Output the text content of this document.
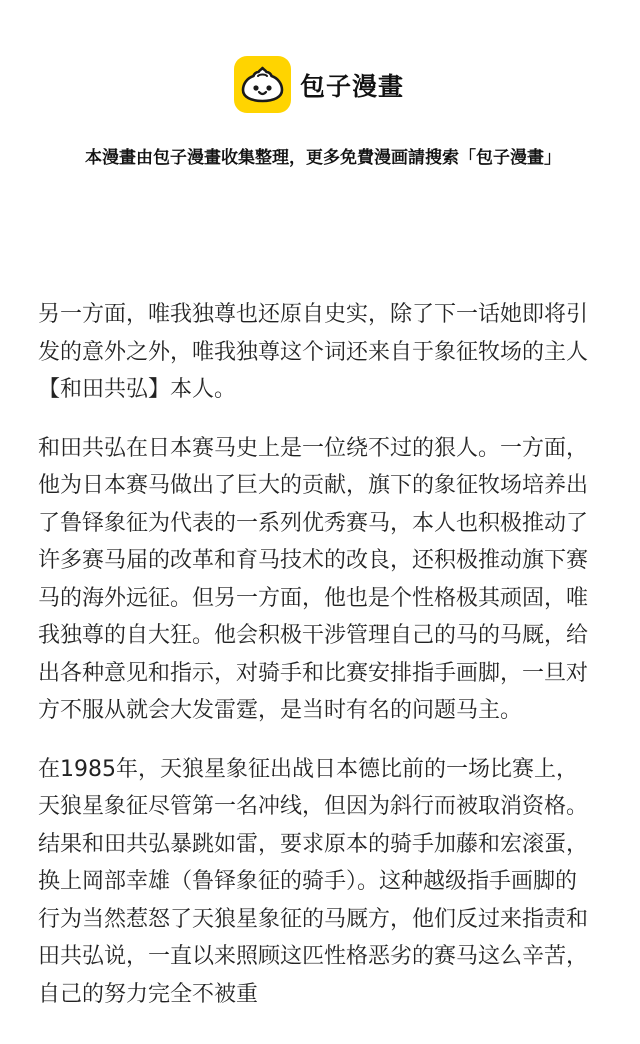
包子漫畫
本漫畫由包子漫畫收集整理，更多免費漫画請搜索「包子漫畫」

另一方面，唯我独尊也还原自史实，除了下一话她即将引发的意外之外，唯我独尊这个词还来自于象征牧场的主人【和田共弘】本人。

和田共弘在日本赛马史上是一位绕不过的狠人。一方面，他为日本赛马做出了巨大的贡献，旗下的象征牧场培养出了鲁铎象征为代表的一系列优秀赛马，本人也积极推动了许多赛马届的改革和育马技术的改良，还积极推动旗下赛马的海外远征。但另一方面，他也是个性格极其顽固，唯我独尊的自大狂。他会积极干涉管理自己的马的马厩，给出各种意见和指示，对骑手和比赛安排指手画脚，一旦对方不服从就会大发雷霆，是当时有名的问题马主。

在1985年，天狼星象征出战日本德比前的一场比赛上，天狼星象征尽管第一名冲线，但因为斜行而被取消资格。结果和田共弘暴跳如雷，要求原本的骑手加藤和宏滚蛋，换上岡部幸雄（鲁铎象征的骑手）。这种越级指手画脚的行为当然惹怒了天狼星象征的马厩方，他们反过来指责和田共弘说，一直以来照顾这匹性格恶劣的赛马这么辛苦，自己的努力完全不被重
